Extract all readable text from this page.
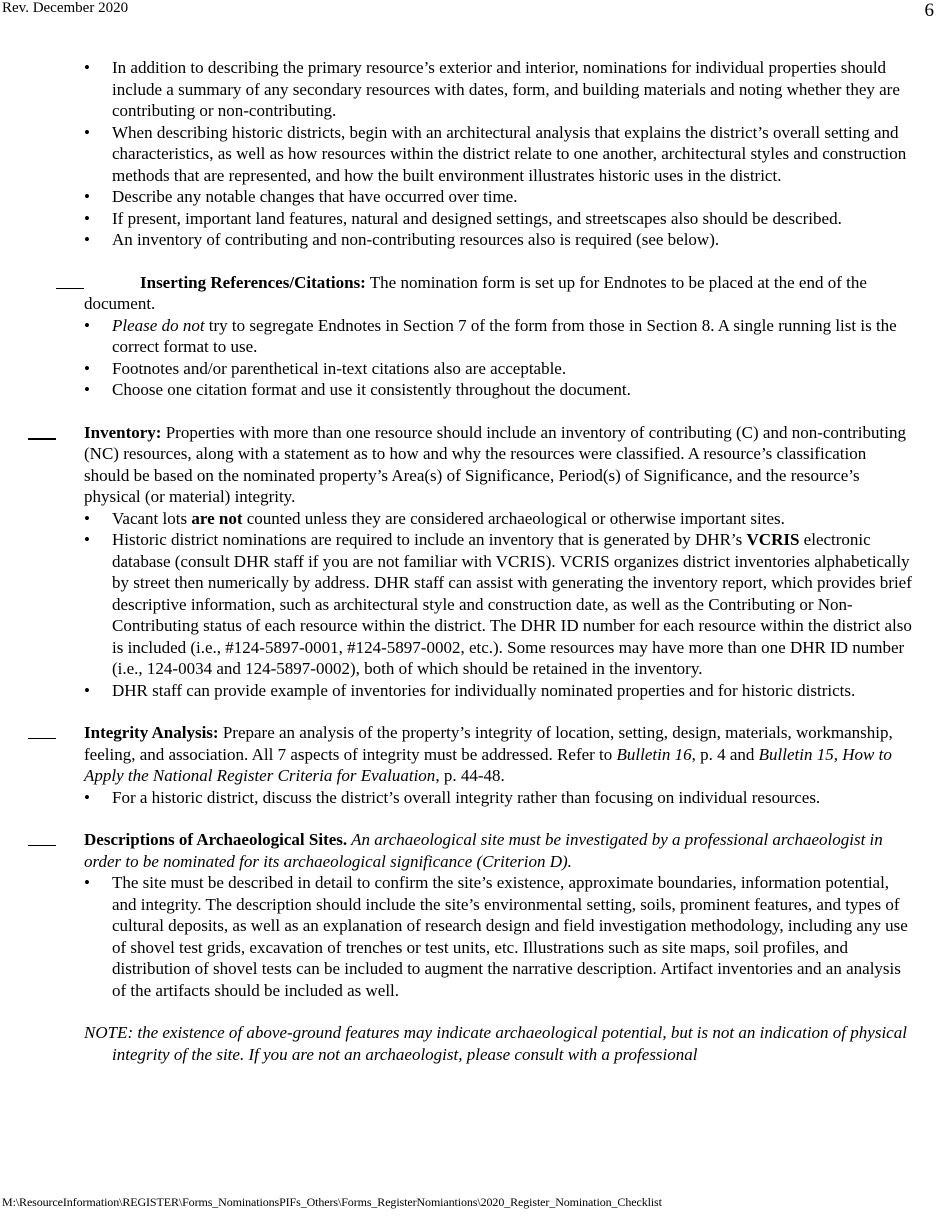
Rev. December 2020	6
• In addition to describing the primary resource’s exterior and interior, nominations for individual properties should include a summary of any secondary resources with dates, form, and building materials and noting whether they are contributing or non-contributing.
• When describing historic districts, begin with an architectural analysis that explains the district’s overall setting and characteristics, as well as how resources within the district relate to one another, architectural styles and construction methods that are represented, and how the built environment illustrates historic uses in the district.
• Describe any notable changes that have occurred over time.
• If present, important land features, natural and designed settings, and streetscapes also should be described.
• An inventory of contributing and non-contributing resources also is required (see below).
Inserting References/Citations: The nomination form is set up for Endnotes to be placed at the end of the document.
• Please do not try to segregate Endnotes in Section 7 of the form from those in Section 8. A single running list is the correct format to use.
• Footnotes and/or parenthetical in-text citations also are acceptable.
• Choose one citation format and use it consistently throughout the document.
Inventory: Properties with more than one resource should include an inventory of contributing (C) and non-contributing (NC) resources, along with a statement as to how and why the resources were classified. A resource’s classification should be based on the nominated property’s Area(s) of Significance, Period(s) of Significance, and the resource’s physical (or material) integrity.
• Vacant lots are not counted unless they are considered archaeological or otherwise important sites.
• Historic district nominations are required to include an inventory that is generated by DHR’s VCRIS electronic database (consult DHR staff if you are not familiar with VCRIS). VCRIS organizes district inventories alphabetically by street then numerically by address. DHR staff can assist with generating the inventory report, which provides brief descriptive information, such as architectural style and construction date, as well as the Contributing or Non-Contributing status of each resource within the district. The DHR ID number for each resource within the district also is included (i.e., #124-5897-0001, #124-5897-0002, etc.). Some resources may have more than one DHR ID number (i.e., 124-0034 and 124-5897-0002), both of which should be retained in the inventory.
• DHR staff can provide example of inventories for individually nominated properties and for historic districts.
Integrity Analysis: Prepare an analysis of the property’s integrity of location, setting, design, materials, workmanship, feeling, and association. All 7 aspects of integrity must be addressed. Refer to Bulletin 16, p. 4 and Bulletin 15, How to Apply the National Register Criteria for Evaluation, p. 44-48.
• For a historic district, discuss the district’s overall integrity rather than focusing on individual resources.
Descriptions of Archaeological Sites. An archaeological site must be investigated by a professional archaeologist in order to be nominated for its archaeological significance (Criterion D).
• The site must be described in detail to confirm the site’s existence, approximate boundaries, information potential, and integrity. The description should include the site’s environmental setting, soils, prominent features, and types of cultural deposits, as well as an explanation of research design and field investigation methodology, including any use of shovel test grids, excavation of trenches or test units, etc. Illustrations such as site maps, soil profiles, and distribution of shovel tests can be included to augment the narrative description. Artifact inventories and an analysis of the artifacts should be included as well.
NOTE: the existence of above-ground features may indicate archaeological potential, but is not an indication of physical integrity of the site. If you are not an archaeologist, please consult with a professional
M:\ResourceInformation\REGISTER\Forms_NominationsPIFs_Others\Forms_RegisterNomiantions\2020_Register_Nomination_Checklist
